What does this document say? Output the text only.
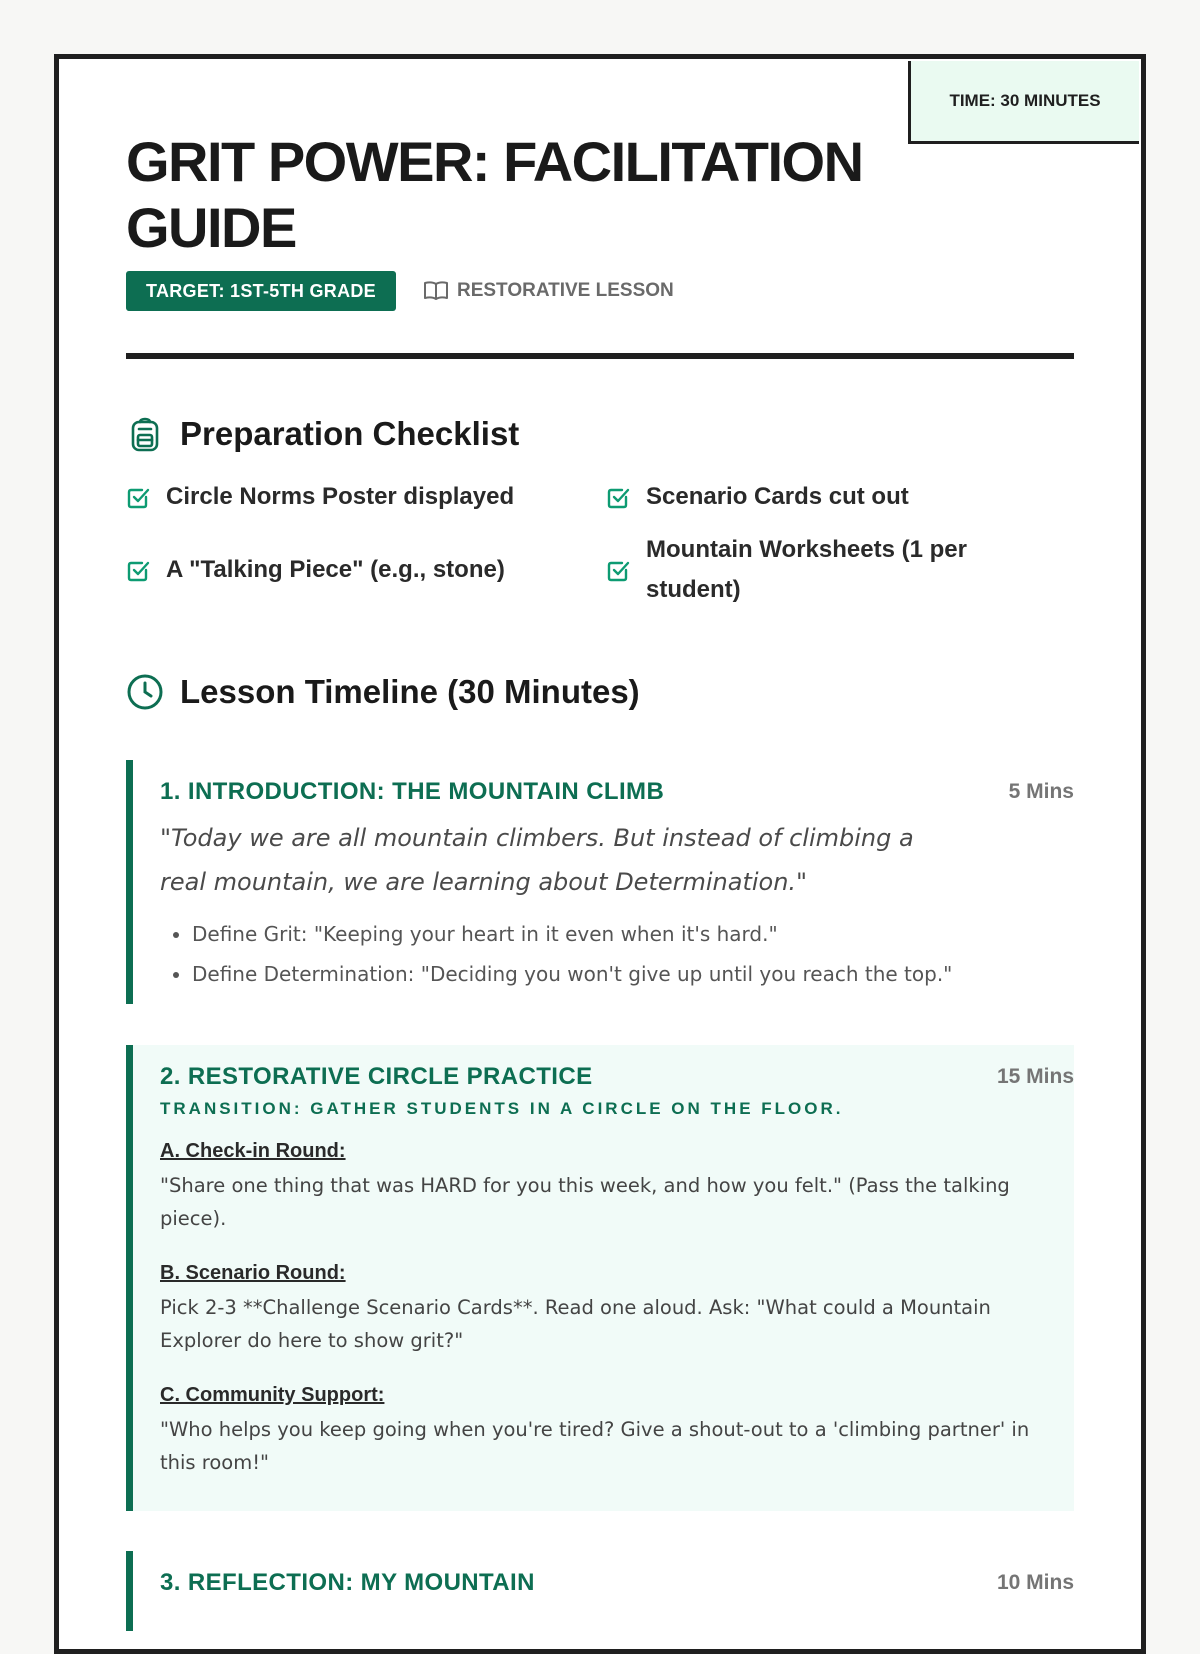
TIME: 30 MINUTES
GRIT POWER: FACILITATION GUIDE
TARGET: 1ST-5TH GRADE	RESTORATIVE LESSON
Preparation Checklist
Circle Norms Poster displayed	Scenario Cards cut out
A "Talking Piece" (e.g., stone)
Mountain Worksheets (1 per student)
Lesson Timeline (30 Minutes)
1. INTRODUCTION: THE MOUNTAIN CLIMB	5 Mins
"Today we are all mountain climbers. But instead of climbing a real mountain, we are learning about Determination."
• Define Grit: "Keeping your heart in it even when it's hard."
• Define Determination: "Deciding you won't give up until you reach the top."
2. RESTORATIVE CIRCLE PRACTICE	15 Mins
TRANSITION: GATHER STUDENTS IN A CIRCLE ON THE FLOOR.
A. Check-in Round:
"Share one thing that was HARD for you this week, and how you felt." (Pass the talking piece).
B. Scenario Round:
Pick 2-3 **Challenge Scenario Cards**. Read one aloud. Ask: "What could a Mountain Explorer do here to show grit?"
C. Community Support:
"Who helps you keep going when you're tired? Give a shout-out to a 'climbing partner' in this room!"
3. REFLECTION: MY MOUNTAIN	10 Mins
